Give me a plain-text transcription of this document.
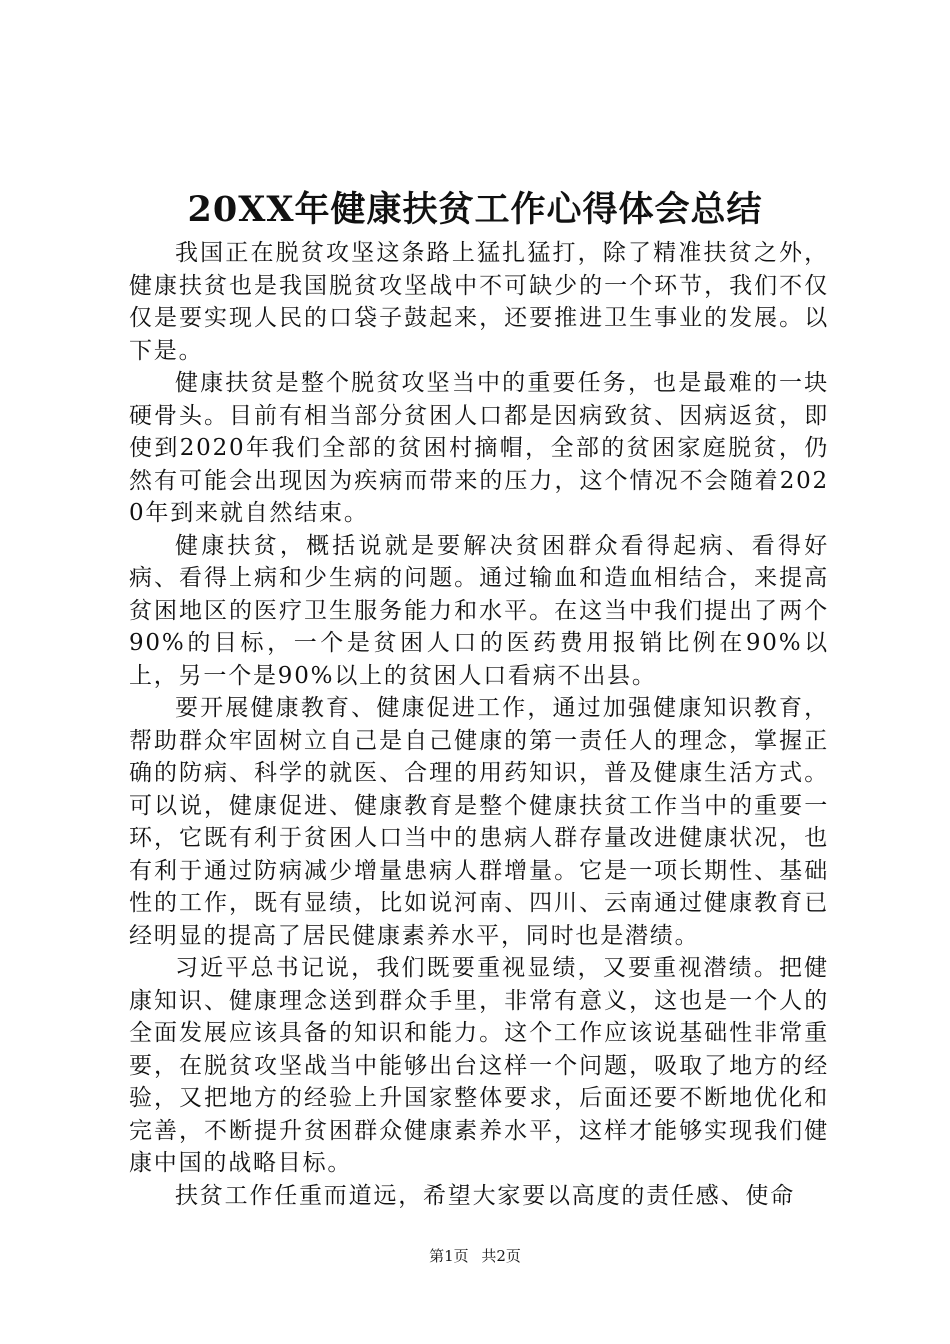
20XX年健康扶贫工作心得体会总结

我国正在脱贫攻坚这条路上猛扎猛打，除了精准扶贫之外，健康扶贫也是我国脱贫攻坚战中不可缺少的一个环节，我们不仅仅是要实现人民的口袋子鼓起来，还要推进卫生事业的发展。以下是。

健康扶贫是整个脱贫攻坚当中的重要任务，也是最难的一块硬骨头。目前有相当部分贫困人口都是因病致贫、因病返贫，即使到2020年我们全部的贫困村摘帽，全部的贫困家庭脱贫，仍然有可能会出现因为疾病而带来的压力，这个情况不会随着2020年到来就自然结束。

健康扶贫，概括说就是要解决贫困群众看得起病、看得好病、看得上病和少生病的问题。通过输血和造血相结合，来提高贫困地区的医疗卫生服务能力和水平。在这当中我们提出了两个90%的目标，一个是贫困人口的医药费用报销比例在90%以上，另一个是90%以上的贫困人口看病不出县。

要开展健康教育、健康促进工作，通过加强健康知识教育，帮助群众牢固树立自己是自己健康的第一责任人的理念，掌握正确的防病、科学的就医、合理的用药知识，普及健康生活方式。可以说，健康促进、健康教育是整个健康扶贫工作当中的重要一环，它既有利于贫困人口当中的患病人群存量改进健康状况，也有利于通过防病减少增量患病人群增量。它是一项长期性、基础性的工作，既有显绩，比如说河南、四川、云南通过健康教育已经明显的提高了居民健康素养水平，同时也是潜绩。

习近平总书记说，我们既要重视显绩，又要重视潜绩。把健康知识、健康理念送到群众手里，非常有意义，这也是一个人的全面发展应该具备的知识和能力。这个工作应该说基础性非常重要，在脱贫攻坚战当中能够出台这样一个问题，吸取了地方的经验，又把地方的经验上升国家整体要求，后面还要不断地优化和完善，不断提升贫困群众健康素养水平，这样才能够实现我们健康中国的战略目标。

扶贫工作任重而道远，希望大家要以高度的责任感、使命

第1页 共2页
